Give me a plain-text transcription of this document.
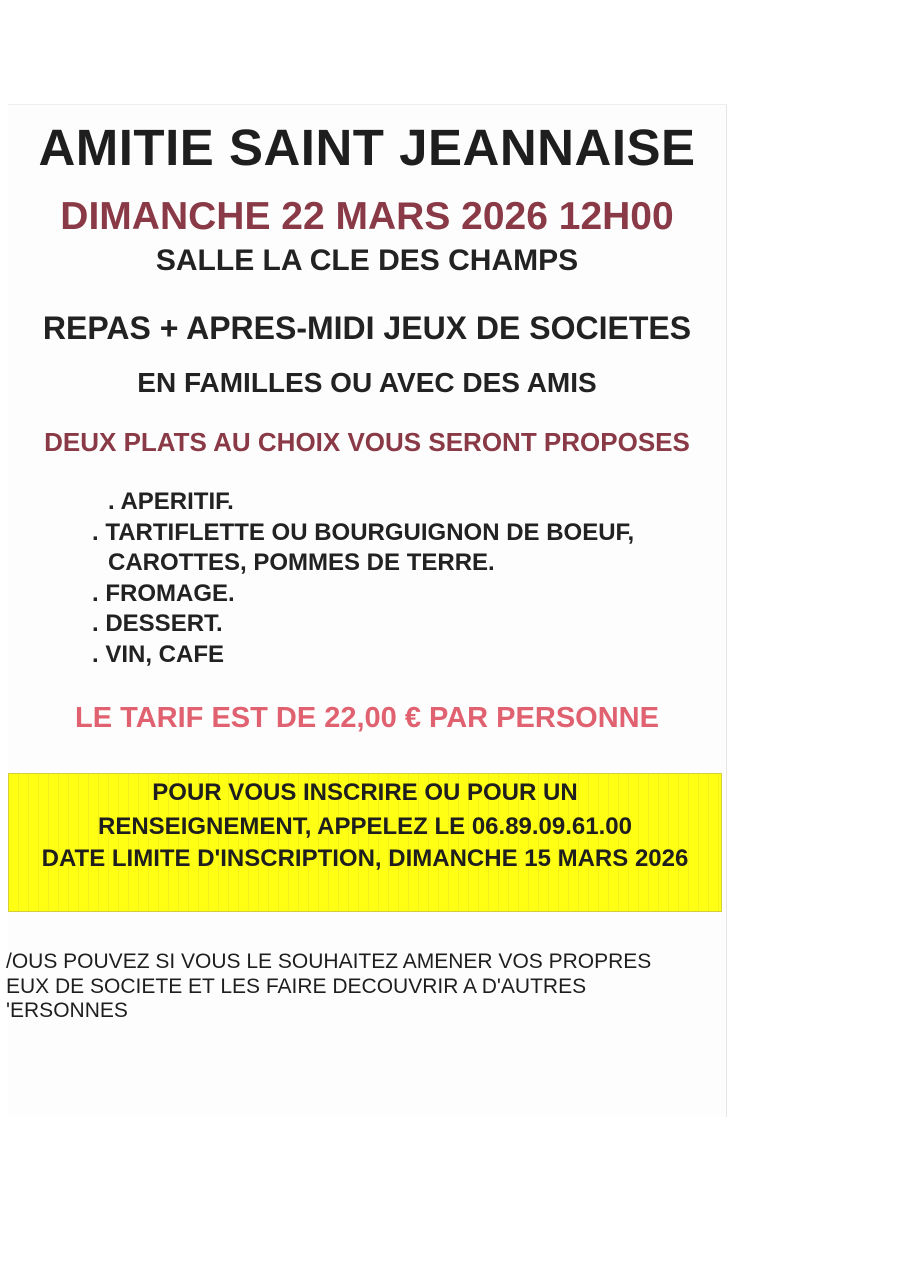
AMITIE SAINT JEANNAISE

DIMANCHE 22 MARS 2026 12H00

SALLE LA CLE DES CHAMPS

REPAS + APRES-MIDI JEUX DE SOCIETES

EN FAMILLES OU AVEC DES AMIS

DEUX PLATS AU CHOIX VOUS SERONT PROPOSES

. APERITIF.
. TARTIFLETTE OU BOURGUIGNON DE BOEUF,
CAROTTES, POMMES DE TERRE.
. FROMAGE.
. DESSERT.
. VIN, CAFE

LE TARIF EST DE 22,00 € PAR PERSONNE

POUR VOUS INSCRIRE OU POUR UN

RENSEIGNEMENT, APPELEZ LE 06.89.09.61.00

DATE LIMITE D'INSCRIPTION, DIMANCHE 15 MARS 2026

/OUS POUVEZ SI VOUS LE SOUHAITEZ AMENER VOS PROPRES

EUX DE SOCIETE ET LES FAIRE DECOUVRIR A D'AUTRES

'ERSONNES
